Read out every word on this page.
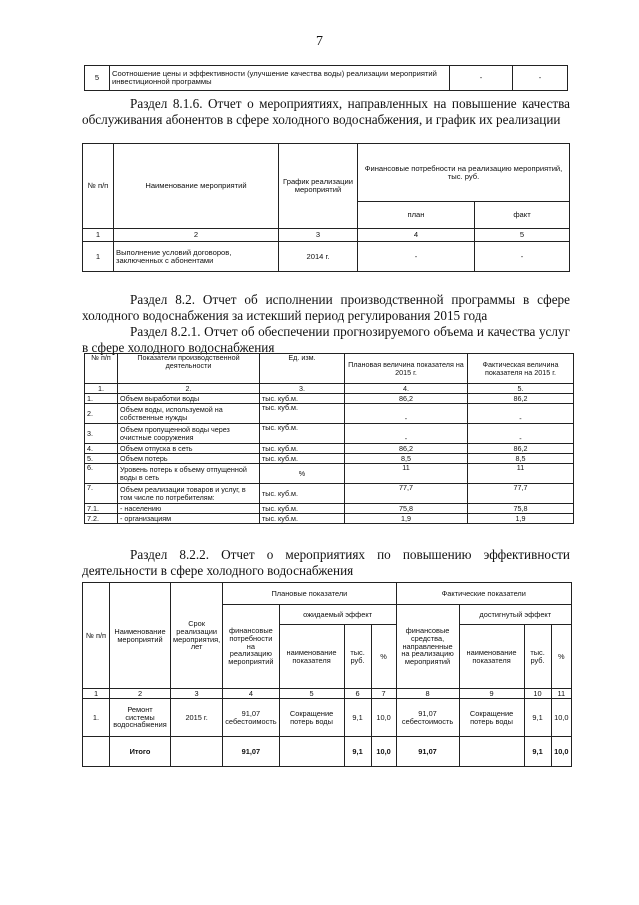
7
5	Соотношение цены и эффективности (улучшение качества воды) реализации мероприятий инвестиционной программы	-	-
Раздел 8.1.6. Отчет о мероприятиях, направленных на повышение качества обслуживания абонентов в сфере холодного водоснабжения, и график их реализации
№ п/п	Наименование мероприятий	График реализации мероприятий	Финансовые потребности на реализацию мероприятий, тыс. руб.	
			план	факт
1	2	3	4	5
1	Выполнение условий договоров, заключенных с абонентами	2014 г.	-	-
Раздел 8.2. Отчет об исполнении производственной программы в сфере холодного водоснабжения за истекший период регулирования 2015 года
Раздел 8.2.1. Отчет об обеспечении прогнозируемого объема и качества услуг в сфере холодного водоснабжения
№ п/п	Показатели производственной деятельности	Ед. изм.	Плановая величина показателя на 2015 г.	Фактическая величина показателя на 2015 г.
1.	2.	3.	4.	5.
1.	Объем выработки воды	тыс. куб.м.	86,2	86,2
2.	Объем воды, используемой на собственные нужды	тыс. куб.м.	-	-
3.	Объем пропущенной воды через очистные сооружения	тыс. куб.м.	-	-
4.	Объем отпуска в сеть	тыс. куб.м.	86,2	86,2
5.	Объем потерь	тыс. куб.м.	8,5	8,5
6.	Уровень потерь к объему отпущенной воды в сеть	%	11	11
7.	Объем реализации товаров и услуг, в том числе по потребителям:	тыс. куб.м.	77,7	77,7
7.1.	- населению	тыс. куб.м.	75,8	75,8
7.2.	- организациям	тыс. куб.м.	1,9	1,9
Раздел 8.2.2. Отчет о мероприятиях по повышению эффективности деятельности в сфере холодного водоснабжения
№ п/п	Наименование мероприятий	Срок реализации мероприятия, лет	Плановые показатели				Фактические показатели			
			финансовые потребности на реализацию мероприятий	ожидаемый эффект			финансовые средства, направленные на реализацию мероприятий	достигнутый эффект		
				наименование показателя	тыс. руб.	%		наименование показателя	тыс. руб.	%
1	2	3	4	5	6	7	8	9	10	11
1.	Ремонт системы водоснабжения	2015 г.	91,07 себестоимость	Сокращение потерь воды	9,1	10,0	91,07 себестоимость	Сокращение потерь воды	9,1	10,0
	Итого		91,07		9,1	10,0	91,07		9,1	10,0
